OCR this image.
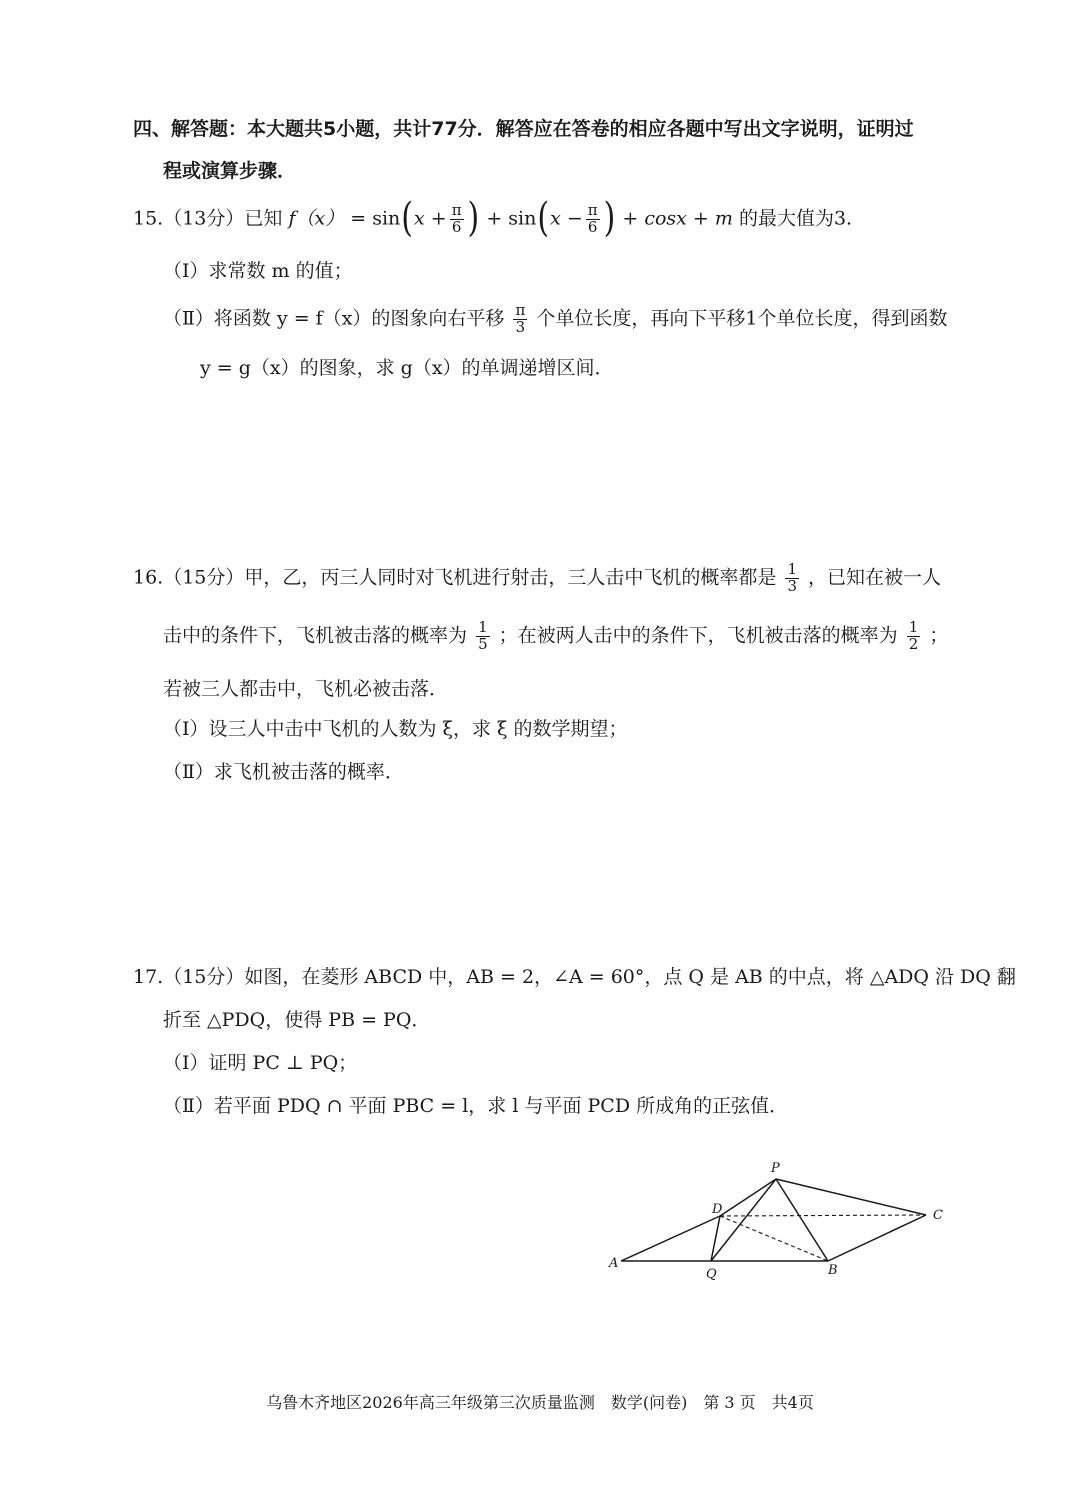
四、解答题：本大题共5小题，共计77分．解答应在答卷的相应各题中写出文字说明，证明过
程或演算步骤．
15.（13分）已知 $f(x) = \sin(x + \frac{\pi}{6}$ ) + $\sin(x - \frac{\pi}{6}$ ) + cosx + m 的最大值为3.
（Ⅰ）求常数 m 的值；
（Ⅱ）将函数 y = f（x）的图象向右平移 $\frac{\pi}{3}$ 个单位长度，再向下平移1个单位长度，得到函数
y = g（x）的图象，求 g（x）的单调递增区间．
16.（15分）甲，乙，丙三人同时对飞机进行射击，三人击中飞机的概率都是 $\frac{1}{3}$ ，已知在被一人
击中的条件下，飞机被击落的概率为 $\frac{1}{5}$ ；在被两人击中的条件下，飞机被击落的概率为 $\frac{1}{2}$ ；
若被三人都击中，飞机必被击落．
（Ⅰ）设三人中击中飞机的人数为 ξ，求 ξ 的数学期望；
（Ⅱ）求飞机被击落的概率．
17.（15分）如图，在菱形 ABCD 中，AB = 2，∠A = 60°，点 Q 是 AB 的中点，将 △ADQ 沿 DQ 翻
折至 △PDQ，使得 PB = PQ．
（Ⅰ）证明 PC ⊥ PQ；
（Ⅱ）若平面 PDQ ∩ 平面 PBC = l，求 l 与平面 PCD 所成角的正弦值．
P
D	C
A
Q	B
乌鲁木齐地区2026年高三年级第三次质量监测　数学(问卷)　第 3 页　共4页
